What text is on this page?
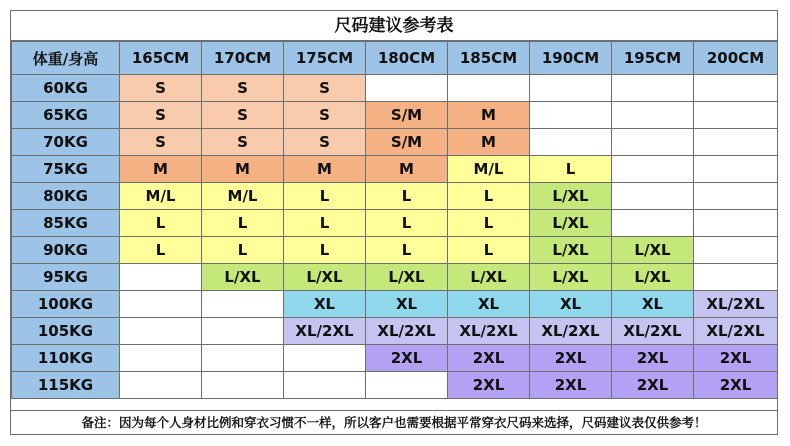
尺码建议参考表
体重/身高	165CM	170CM	175CM	180CM	185CM	190CM	195CM	200CM
60KG	S	S	S					
65KG	S	S	S	S/M	M			
70KG	S	S	S	S/M	M			
75KG	M	M	M	M	M/L	L		
80KG	M/L	M/L	L	L	L	L/XL		
85KG	L	L	L	L	L	L/XL		
90KG	L	L	L	L	L	L/XL	L/XL	
95KG		L/XL	L/XL	L/XL	L/XL	L/XL	L/XL	
100KG			XL	XL	XL	XL	XL	XL/2XL
105KG			XL/2XL	XL/2XL	XL/2XL	XL/2XL	XL/2XL	XL/2XL
110KG				2XL	2XL	2XL	2XL	2XL
115KG					2XL	2XL	2XL	2XL
备注：因为每个人身材比例和穿衣习惯不一样，所以客户也需要根据平常穿衣尺码来选择，尺码建议表仅供参考！
